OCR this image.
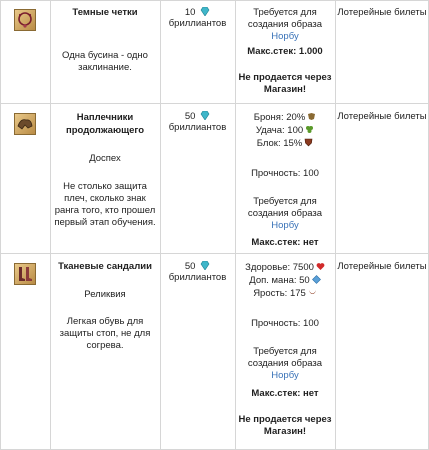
Темные четки
Одна бусина - одно заклинание.
10
бриллиантов
Требуется для создания образа Норбу
Макс.стек: 1.000
Не продается через Магазин!
Лотерейные билеты
Наплечники продолжающего
Доспех
Не столько защита плеч, сколько знак ранга того, кто прошел первый этап обучения.
50
бриллиантов
Броня: 20%
Удача: 100
Блок: 15%
Прочность: 100
Требуется для создания образа Норбу
Макс.стек: нет
Лотерейные билеты
Тканевые сандалии
Реликвия
Легкая обувь для защиты стоп, не для согрева.
50
бриллиантов
Здоровье: 7500
Доп. мана: 50
Ярость: 175
Прочность: 100
Требуется для создания образа Норбу
Макс.стек: нет
Не продается через Магазин!
Лотерейные билеты
